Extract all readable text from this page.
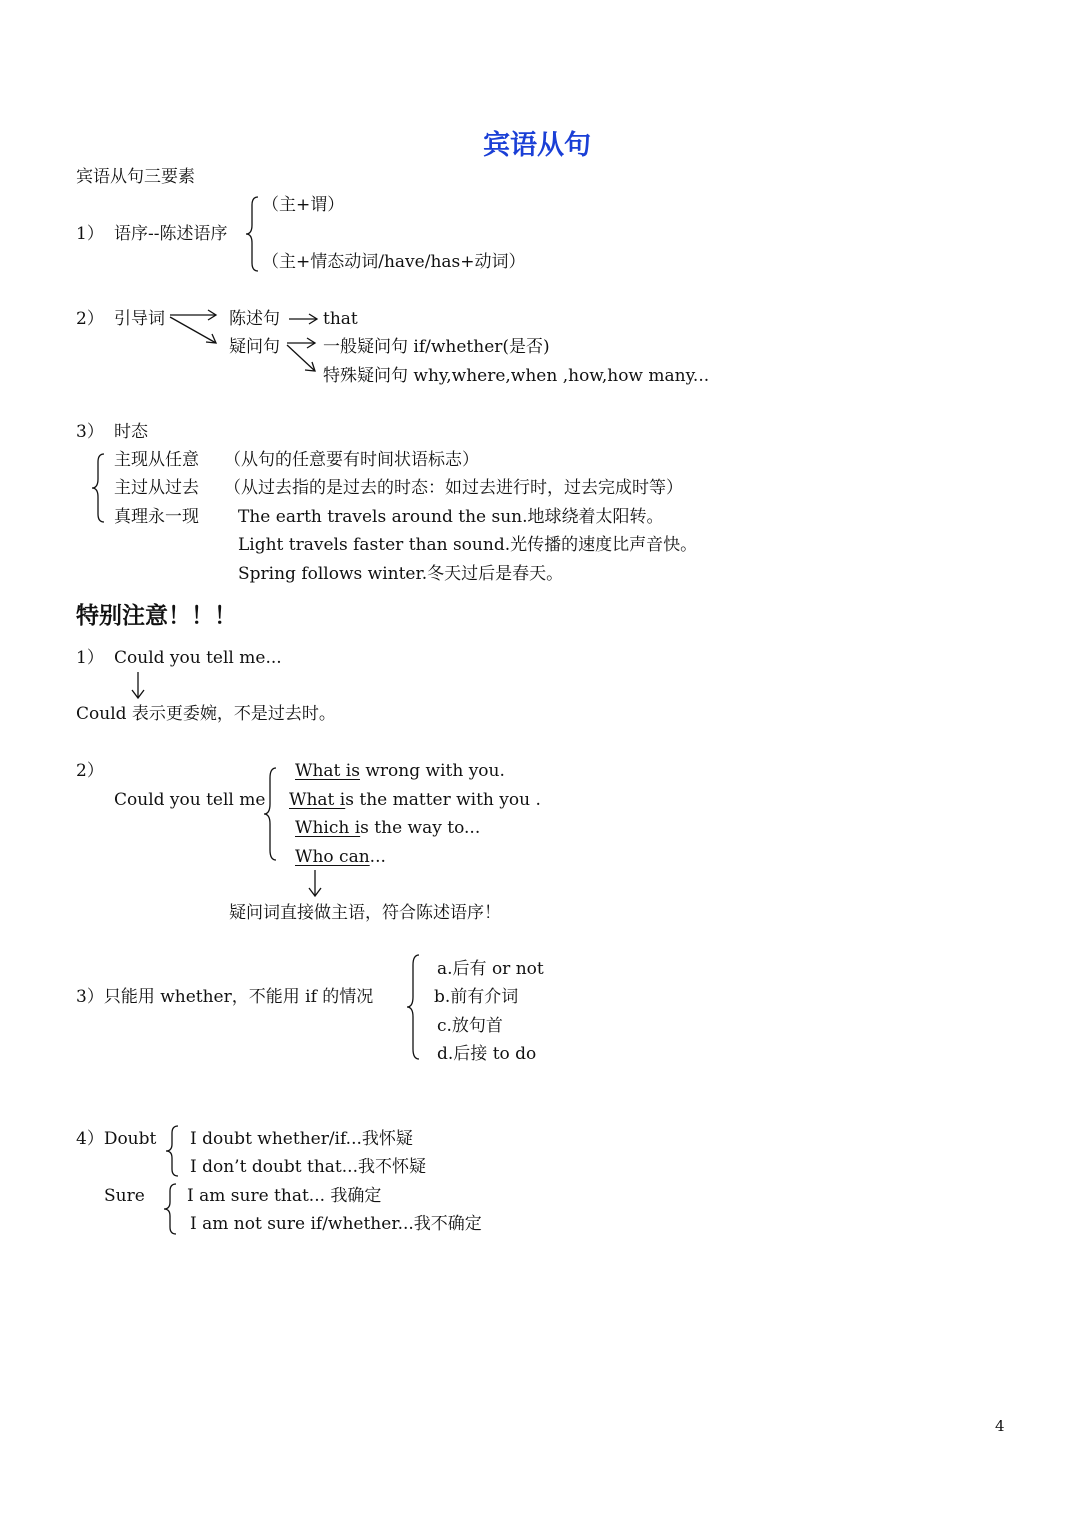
宾语从句
宾语从句三要素
1） 语序--陈述语序
（主+谓）
（主+情态动词/have/has+动词）
2） 引导词	陈述句	that
疑问句	一般疑问句 if/whether(是否)
特殊疑问句 why,where,when ,how,how many...
3） 时态
主现从任意 （从句的任意要有时间状语标志）
主过从过去 （从过去指的是过去的时态：如过去进行时，过去完成时等）
真理永一现 The earth travels around the sun.地球绕着太阳转。
Light travels faster than sound.光传播的速度比声音快。
Spring follows winter.冬天过后是春天。
特别注意！！！
1） Could you tell me...
Could 表示更委婉，不是过去时。
2）
Could you tell me
What is wrong with you.
What is the matter with you .
Which is the way to...
Who can...
疑问词直接做主语，符合陈述语序！
3）只能用 whether，不能用 if 的情况
a.后有 or not
b.前有介词
c.放句首
d.后接 to do
4）Doubt I doubt whether/if...我怀疑
I don’t doubt that...我不怀疑
Sure I am sure that... 我确定
I am not sure if/whether...我不确定
4
